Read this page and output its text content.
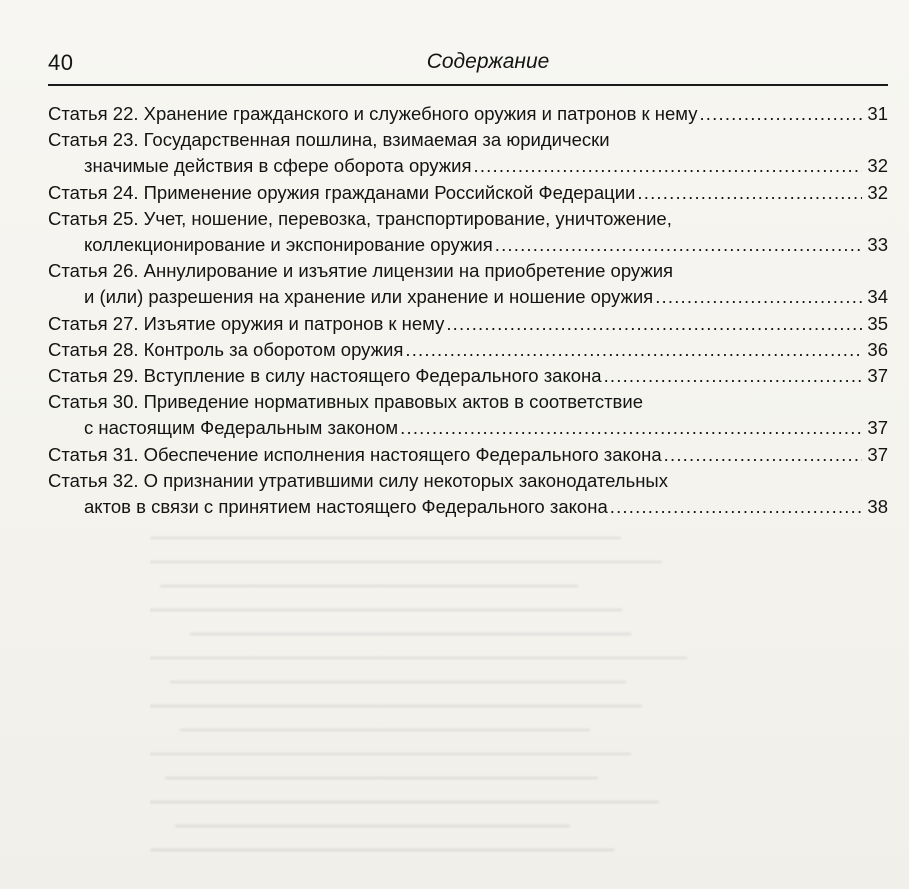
40	Содержание
Статья 22. Хранение гражданского и служебного оружия и патронов к нему .....	31
Статья 23. Государственная пошлина, взимаемая за юридически
значимые действия в сфере оборота оружия .....	32
Статья 24. Применение оружия гражданами Российской Федерации .....	32
Статья 25. Учет, ношение, перевозка, транспортирование, уничтожение,
коллекционирование и экспонирование оружия .....	33
Статья 26. Аннулирование и изъятие лицензии на приобретение оружия
и (или) разрешения на хранение или хранение и ношение оружия .....	34
Статья 27. Изъятие оружия и патронов к нему .....	35
Статья 28. Контроль за оборотом оружия .....	36
Статья 29. Вступление в силу настоящего Федерального закона .....	37
Статья 30. Приведение нормативных правовых актов в соответствие
с настоящим Федеральным законом .....	37
Статья 31. Обеспечение исполнения настоящего Федерального закона .....	37
Статья 32. О признании утратившими силу некоторых законодательных
актов в связи с принятием настоящего Федерального закона .....	38
